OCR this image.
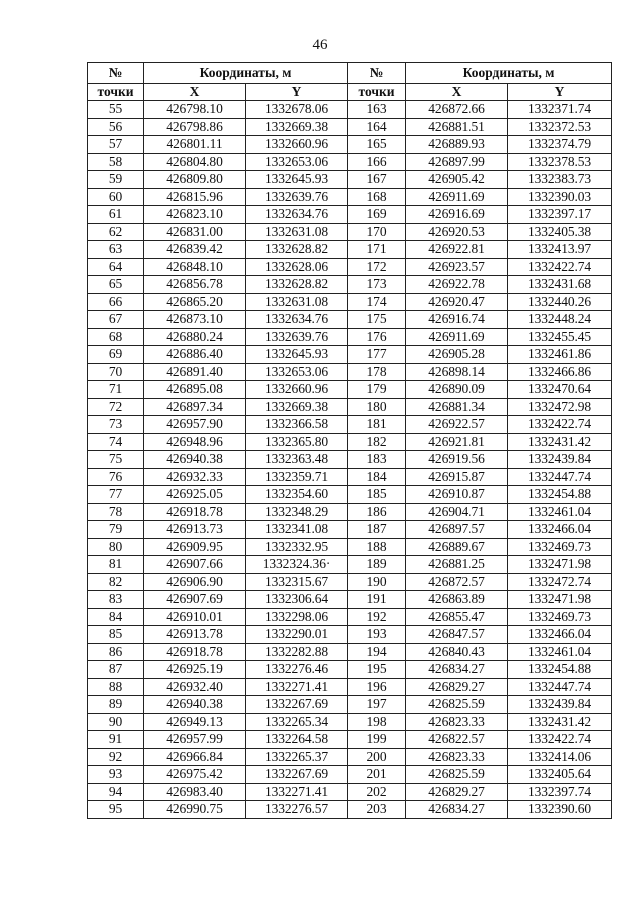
46
№	Координаты, м		№	Координаты, м	
точки	X	Y	точки	X	Y
55	426798.10	1332678.06	163	426872.66	1332371.74
56	426798.86	1332669.38	164	426881.51	1332372.53
57	426801.11	1332660.96	165	426889.93	1332374.79
58	426804.80	1332653.06	166	426897.99	1332378.53
59	426809.80	1332645.93	167	426905.42	1332383.73
60	426815.96	1332639.76	168	426911.69	1332390.03
61	426823.10	1332634.76	169	426916.69	1332397.17
62	426831.00	1332631.08	170	426920.53	1332405.38
63	426839.42	1332628.82	171	426922.81	1332413.97
64	426848.10	1332628.06	172	426923.57	1332422.74
65	426856.78	1332628.82	173	426922.78	1332431.68
66	426865.20	1332631.08	174	426920.47	1332440.26
67	426873.10	1332634.76	175	426916.74	1332448.24
68	426880.24	1332639.76	176	426911.69	1332455.45
69	426886.40	1332645.93	177	426905.28	1332461.86
70	426891.40	1332653.06	178	426898.14	1332466.86
71	426895.08	1332660.96	179	426890.09	1332470.64
72	426897.34	1332669.38	180	426881.34	1332472.98
73	426957.90	1332366.58	181	426922.57	1332422.74
74	426948.96	1332365.80	182	426921.81	1332431.42
75	426940.38	1332363.48	183	426919.56	1332439.84
76	426932.33	1332359.71	184	426915.87	1332447.74
77	426925.05	1332354.60	185	426910.87	1332454.88
78	426918.78	1332348.29	186	426904.71	1332461.04
79	426913.73	1332341.08	187	426897.57	1332466.04
80	426909.95	1332332.95	188	426889.67	1332469.73
81	426907.66	1332324.36·	189	426881.25	1332471.98
82	426906.90	1332315.67	190	426872.57	1332472.74
83	426907.69	1332306.64	191	426863.89	1332471.98
84	426910.01	1332298.06	192	426855.47	1332469.73
85	426913.78	1332290.01	193	426847.57	1332466.04
86	426918.78	1332282.88	194	426840.43	1332461.04
87	426925.19	1332276.46	195	426834.27	1332454.88
88	426932.40	1332271.41	196	426829.27	1332447.74
89	426940.38	1332267.69	197	426825.59	1332439.84
90	426949.13	1332265.34	198	426823.33	1332431.42
91	426957.99	1332264.58	199	426822.57	1332422.74
92	426966.84	1332265.37	200	426823.33	1332414.06
93	426975.42	1332267.69	201	426825.59	1332405.64
94	426983.40	1332271.41	202	426829.27	1332397.74
95	426990.75	1332276.57	203	426834.27	1332390.60
